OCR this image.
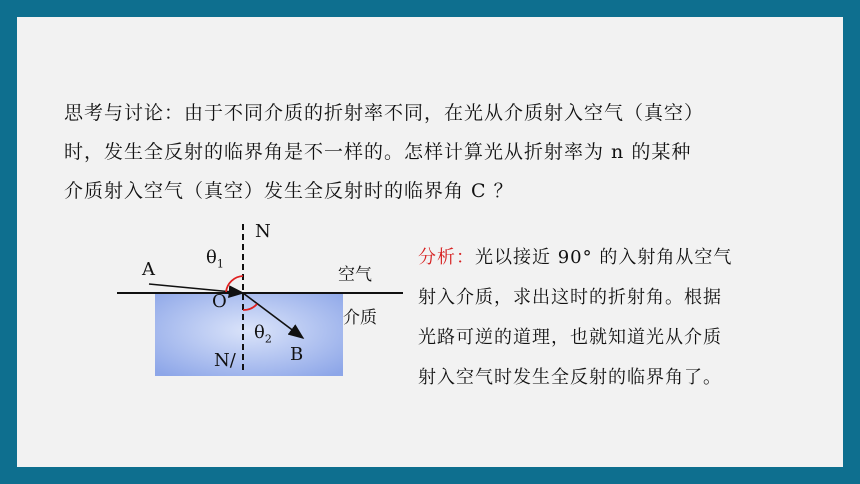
思考与讨论：由于不同介质的折射率不同，在光从介质射入空气（真空）
时，发生全反射的临界角是不一样的。怎样计算光从折射率为 n 的某种
介质射入空气（真空）发生全反射时的临界角 C ？
N
N/
A
O
B
$\theta_1$
$\theta_2$
空气
介质
分析：光以接近 90° 的入射角从空气
射入介质，求出这时的折射角。根据
光路可逆的道理，也就知道光从介质
射入空气时发生全反射的临界角了。
